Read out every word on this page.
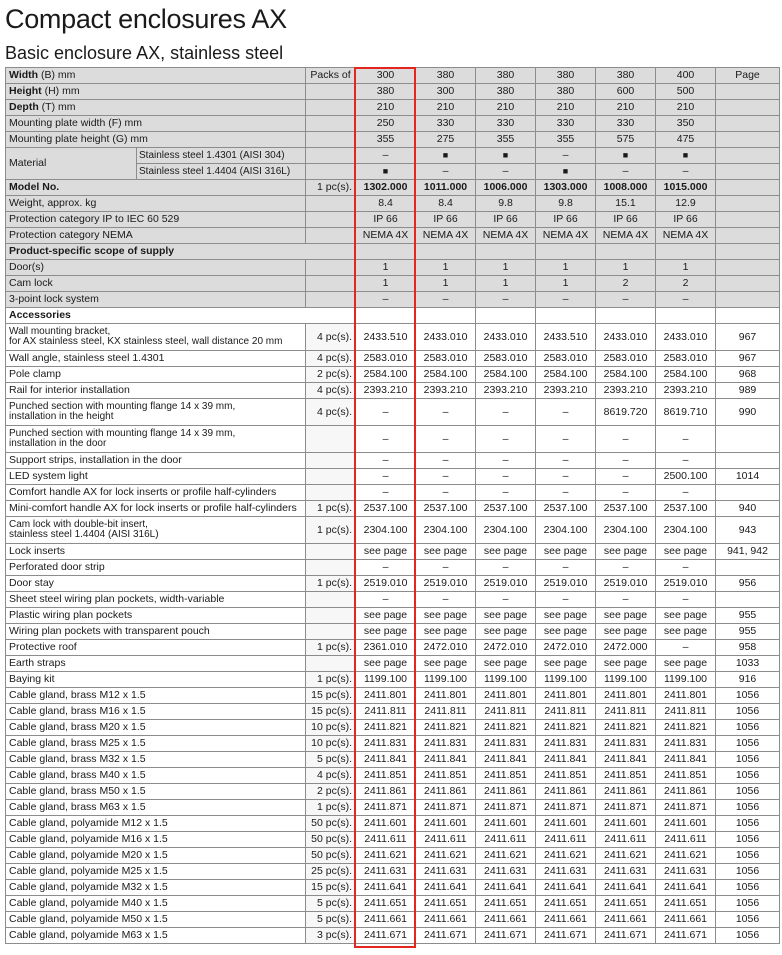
Compact enclosures AX
Basic enclosure AX, stainless steel
Width (B) mm		Packs of	300	380	380	380	380	400	Page
Height (H) mm			380	300	380	380	600	500	
Depth (T) mm			210	210	210	210	210	210	
Mounting plate width (F) mm			250	330	330	330	330	350	
Mounting plate height (G) mm			355	275	355	355	575	475	
Material	Stainless steel 1.4301 (AISI 304)		–	■	■	–	■	■	
	Stainless steel 1.4404 (AISI 316L)		■	–	–	■	–	–	
Model No.		1 pc(s).	1302.000	1011.000	1006.000	1303.000	1008.000	1015.000	
Weight, approx. kg			8.4	8.4	9.8	9.8	15.1	12.9	
Protection category IP to IEC 60 529			IP 66	IP 66	IP 66	IP 66	IP 66	IP 66	
Protection category NEMA			NEMA 4X	NEMA 4X	NEMA 4X	NEMA 4X	NEMA 4X	NEMA 4X	
Product-specific scope of supply									
Door(s)			1	1	1	1	1	1	
Cam lock			1	1	1	1	2	2	
3-point lock system			–	–	–	–	–	–	
Accessories									
Wall mounting bracket,
for AX stainless steel, KX stainless steel, wall distance 20 mm		4 pc(s).	2433.510	2433.010	2433.010	2433.510	2433.010	2433.010	967
Wall angle, stainless steel 1.4301		4 pc(s).	2583.010	2583.010	2583.010	2583.010	2583.010	2583.010	967
Pole clamp		2 pc(s).	2584.100	2584.100	2584.100	2584.100	2584.100	2584.100	968
Rail for interior installation		4 pc(s).	2393.210	2393.210	2393.210	2393.210	2393.210	2393.210	989
Punched section with mounting flange 14 x 39 mm,
installation in the height		4 pc(s).	–	–	–	–	8619.720	8619.710	990
Punched section with mounting flange 14 x 39 mm,
installation in the door			–	–	–	–	–	–	
Support strips, installation in the door			–	–	–	–	–	–	
LED system light			–	–	–	–	–	2500.100	1014
Comfort handle AX for lock inserts or profile half-cylinders			–	–	–	–	–	–	
Mini-comfort handle AX for lock inserts or profile half-cylinders		1 pc(s).	2537.100	2537.100	2537.100	2537.100	2537.100	2537.100	940
Cam lock with double-bit insert,
stainless steel 1.4404 (AISI 316L)		1 pc(s).	2304.100	2304.100	2304.100	2304.100	2304.100	2304.100	943
Lock inserts			see page	see page	see page	see page	see page	see page	941, 942
Perforated door strip			–	–	–	–	–	–	
Door stay		1 pc(s).	2519.010	2519.010	2519.010	2519.010	2519.010	2519.010	956
Sheet steel wiring plan pockets, width-variable			–	–	–	–	–	–	
Plastic wiring plan pockets			see page	see page	see page	see page	see page	see page	955
Wiring plan pockets with transparent pouch			see page	see page	see page	see page	see page	see page	955
Protective roof		1 pc(s).	2361.010	2472.010	2472.010	2472.010	2472.000	–	958
Earth straps			see page	see page	see page	see page	see page	see page	1033
Baying kit		1 pc(s).	1199.100	1199.100	1199.100	1199.100	1199.100	1199.100	916
Cable gland, brass M12 x 1.5		15 pc(s).	2411.801	2411.801	2411.801	2411.801	2411.801	2411.801	1056
Cable gland, brass M16 x 1.5		15 pc(s).	2411.811	2411.811	2411.811	2411.811	2411.811	2411.811	1056
Cable gland, brass M20 x 1.5		10 pc(s).	2411.821	2411.821	2411.821	2411.821	2411.821	2411.821	1056
Cable gland, brass M25 x 1.5		10 pc(s).	2411.831	2411.831	2411.831	2411.831	2411.831	2411.831	1056
Cable gland, brass M32 x 1.5		5 pc(s).	2411.841	2411.841	2411.841	2411.841	2411.841	2411.841	1056
Cable gland, brass M40 x 1.5		4 pc(s).	2411.851	2411.851	2411.851	2411.851	2411.851	2411.851	1056
Cable gland, brass M50 x 1.5		2 pc(s).	2411.861	2411.861	2411.861	2411.861	2411.861	2411.861	1056
Cable gland, brass M63 x 1.5		1 pc(s).	2411.871	2411.871	2411.871	2411.871	2411.871	2411.871	1056
Cable gland, polyamide M12 x 1.5		50 pc(s).	2411.601	2411.601	2411.601	2411.601	2411.601	2411.601	1056
Cable gland, polyamide M16 x 1.5		50 pc(s).	2411.611	2411.611	2411.611	2411.611	2411.611	2411.611	1056
Cable gland, polyamide M20 x 1.5		50 pc(s).	2411.621	2411.621	2411.621	2411.621	2411.621	2411.621	1056
Cable gland, polyamide M25 x 1.5		25 pc(s).	2411.631	2411.631	2411.631	2411.631	2411.631	2411.631	1056
Cable gland, polyamide M32 x 1.5		15 pc(s).	2411.641	2411.641	2411.641	2411.641	2411.641	2411.641	1056
Cable gland, polyamide M40 x 1.5		5 pc(s).	2411.651	2411.651	2411.651	2411.651	2411.651	2411.651	1056
Cable gland, polyamide M50 x 1.5		5 pc(s).	2411.661	2411.661	2411.661	2411.661	2411.661	2411.661	1056
Cable gland, polyamide M63 x 1.5		3 pc(s).	2411.671	2411.671	2411.671	2411.671	2411.671	2411.671	1056
